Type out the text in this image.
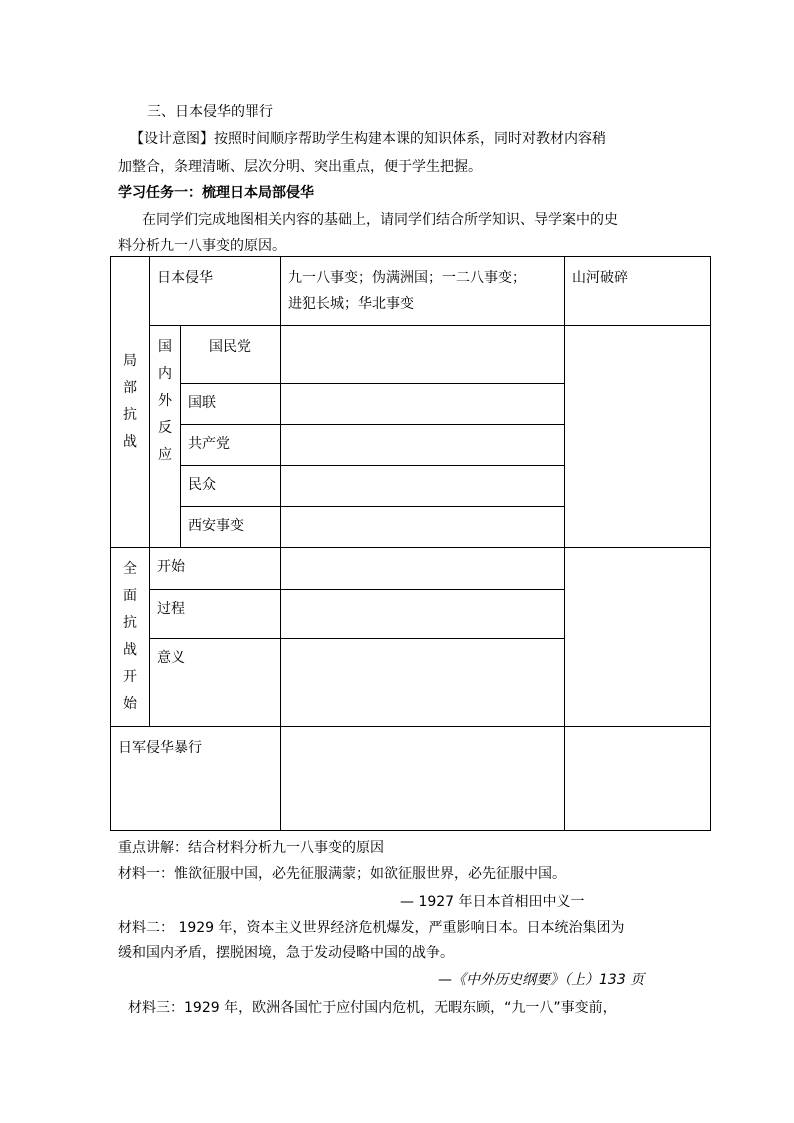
三、日本侵华的罪行
【设计意图】按照时间顺序帮助学生构建本课的知识体系，同时对教材内容稍
加整合，条理清晰、层次分明、突出重点，便于学生把握。
学习任务一：梳理日本局部侵华
在同学们完成地图相关内容的基础上，请同学们结合所学知识、导学案中的史
料分析九一八事变的原因。
局部抗战	日本侵华		九一八事变；伪满洲国；一二八事变；
进犯长城；华北事变	山河破碎

	国内外反应	国民党		
		国联		
		共产党		
		民众		
		西安事变		

全面抗战开始	开始			
	过程			
	意义			
日军侵华暴行				
重点讲解：结合材料分析九一八事变的原因
材料一：惟欲征服中国，必先征服满蒙；如欲征服世界，必先征服中国。
— 1927 年日本首相田中义一
材料二： 1929 年，资本主义世界经济危机爆发，严重影响日本。日本统治集团为
缓和国内矛盾，摆脱困境，急于发动侵略中国的战争。
—《中外历史纲要》（上）133 页
材料三：1929 年，欧洲各国忙于应付国内危机，无暇东顾，“九一八”事变前，
